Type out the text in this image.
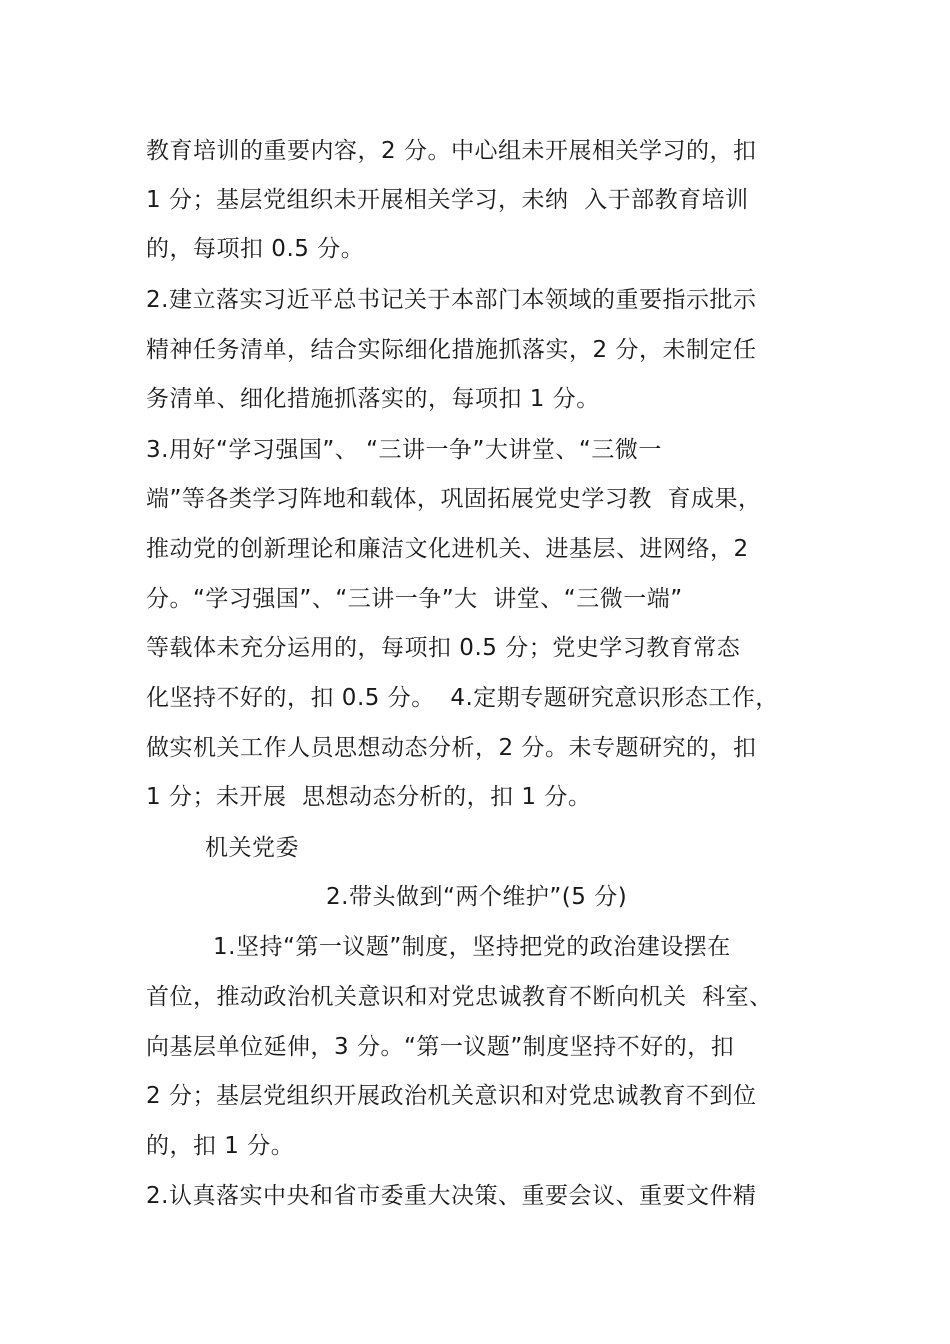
教育培训的重要内容，2 分。中心组未开展相关学习的，扣
1 分；基层党组织未开展相关学习，未纳  入于部教育培训
的，每项扣 0.5 分。
2.建立落实习近平总书记关于本部门本领域的重要指示批示
精神任务清单，结合实际细化措施抓落实，2 分，未制定任
务清单、细化措施抓落实的，每项扣 1 分。
3.用好“学习强国”、 “三讲一争”大讲堂、“三微一
端”等各类学习阵地和载体，巩固拓展党史学习教  育成果，
推动党的创新理论和廉洁文化进机关、进基层、进网络，2
分。“学习强国”、“三讲一争”大  讲堂、“三微一端”
等载体未充分运用的，每项扣 0.5 分；党史学习教育常态
化坚持不好的，扣 0.5 分。  4.定期专题研究意识形态工作，
做实机关工作人员思想动态分析，2 分。未专题研究的，扣
1 分；未开展  思想动态分析的，扣 1 分。
机关党委
2.带头做到“两个维护”(5 分)
1.坚持“第一议题”制度，坚持把党的政治建设摆在
首位，推动政治机关意识和对党忠诚教育不断向机关  科室、
向基层单位延伸，3 分。“第一议题”制度坚持不好的，扣
2 分；基层党组织开展政治机关意识和对党忠诚教育不到位
的，扣 1 分。
2.认真落实中央和省市委重大决策、重要会议、重要文件精
